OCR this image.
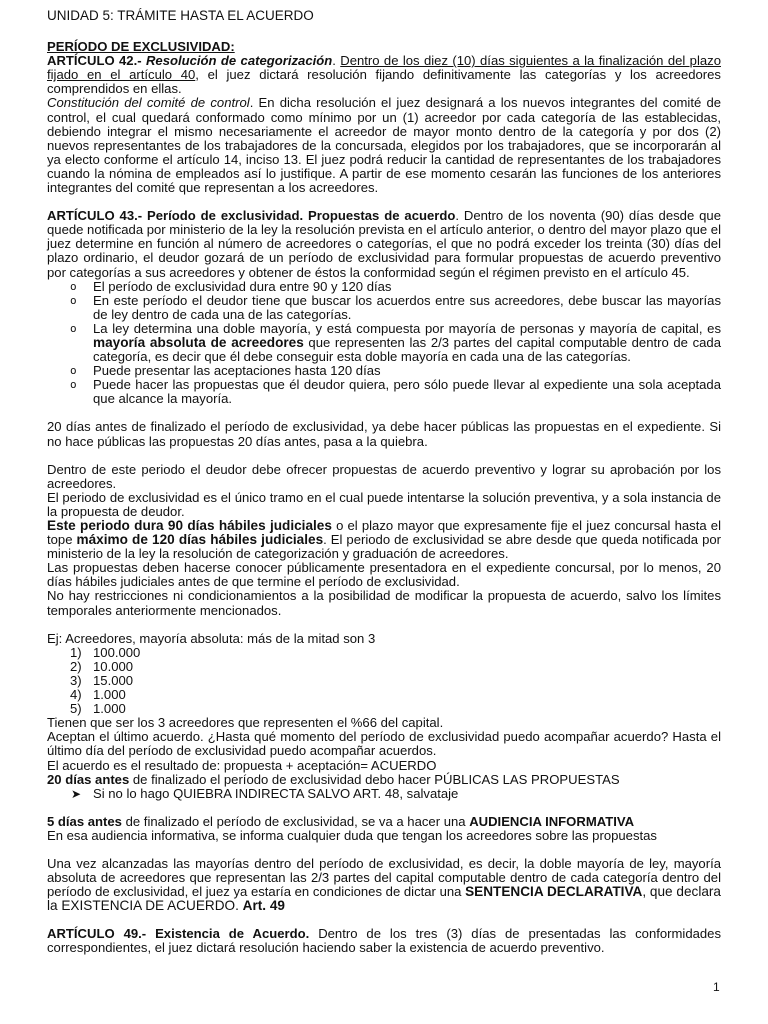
UNIDAD 5: TRÁMITE HASTA EL ACUERDO

PERÍODO DE EXCLUSIVIDAD:

ARTÍCULO 42.- Resolución de categorización. Dentro de los diez (10) días siguientes a la finalización del plazo fijado en el artículo 40, el juez dictará resolución fijando definitivamente las categorías y los acreedores comprendidos en ellas.

Constitución del comité de control. En dicha resolución el juez designará a los nuevos integrantes del comité de control, el cual quedará conformado como mínimo por un (1) acreedor por cada categoría de las establecidas, debiendo integrar el mismo necesariamente el acreedor de mayor monto dentro de la categoría y por dos (2) nuevos representantes de los trabajadores de la concursada, elegidos por los trabajadores, que se incorporarán al ya electo conforme el artículo 14, inciso 13. El juez podrá reducir la cantidad de representantes de los trabajadores cuando la nómina de empleados así lo justifique. A partir de ese momento cesarán las funciones de los anteriores integrantes del comité que representan a los acreedores.

ARTÍCULO 43.- Período de exclusividad. Propuestas de acuerdo. Dentro de los noventa (90) días desde que quede notificada por ministerio de la ley la resolución prevista en el artículo anterior, o dentro del mayor plazo que el juez determine en función al número de acreedores o categorías, el que no podrá exceder los treinta (30) días del plazo ordinario, el deudor gozará de un período de exclusividad para formular propuestas de acuerdo preventivo por categorías a sus acreedores y obtener de éstos la conformidad según el régimen previsto en el artículo 45.

o El período de exclusividad dura entre 90 y 120 días
o En este período el deudor tiene que buscar los acuerdos entre sus acreedores, debe buscar las mayorías de ley dentro de cada una de las categorías.
o La ley determina una doble mayoría, y está compuesta por mayoría de personas y mayoría de capital, es mayoría absoluta de acreedores que representen las 2/3 partes del capital computable dentro de cada categoría, es decir que él debe conseguir esta doble mayoría en cada una de las categorías.
o Puede presentar las aceptaciones hasta 120 días
o Puede hacer las propuestas que él deudor quiera, pero sólo puede llevar al expediente una sola aceptada que alcance la mayoría.

20 días antes de finalizado el período de exclusividad, ya debe hacer públicas las propuestas en el expediente. Si no hace públicas las propuestas 20 días antes, pasa a la quiebra.

Dentro de este periodo el deudor debe ofrecer propuestas de acuerdo preventivo y lograr su aprobación por los acreedores.

El periodo de exclusividad es el único tramo en el cual puede intentarse la solución preventiva, y a sola instancia de la propuesta de deudor.

Este periodo dura 90 días hábiles judiciales o el plazo mayor que expresamente fije el juez concursal hasta el tope máximo de 120 días hábiles judiciales. El periodo de exclusividad se abre desde que queda notificada por ministerio de la ley la resolución de categorización y graduación de acreedores.

Las propuestas deben hacerse conocer públicamente presentadora en el expediente concursal, por lo menos, 20 días hábiles judiciales antes de que termine el período de exclusividad.

No hay restricciones ni condicionamientos a la posibilidad de modificar la propuesta de acuerdo, salvo los límites temporales anteriormente mencionados.

Ej: Acreedores, mayoría absoluta: más de la mitad son 3

1) 100.000
2) 10.000
3) 15.000
4) 1.000
5) 1.000

Tienen que ser los 3 acreedores que representen el %66 del capital.

Aceptan el último acuerdo. ¿Hasta qué momento del período de exclusividad puedo acompañar acuerdo? Hasta el último día del período de exclusividad puedo acompañar acuerdos.

El acuerdo es el resultado de: propuesta + aceptación= ACUERDO

20 días antes de finalizado el período de exclusividad debo hacer PÚBLICAS LAS PROPUESTAS

➤ Si no lo hago QUIEBRA INDIRECTA SALVO ART. 48, salvataje

5 días antes de finalizado el período de exclusividad, se va a hacer una AUDIENCIA INFORMATIVA

En esa audiencia informativa, se informa cualquier duda que tengan los acreedores sobre las propuestas

Una vez alcanzadas las mayorías dentro del período de exclusividad, es decir, la doble mayoría de ley, mayoría absoluta de acreedores que representan las 2/3 partes del capital computable dentro de cada categoría dentro del período de exclusividad, el juez ya estaría en condiciones de dictar una SENTENCIA DECLARATIVA, que declara la EXISTENCIA DE ACUERDO. Art. 49

ARTÍCULO 49.- Existencia de Acuerdo. Dentro de los tres (3) días de presentadas las conformidades correspondientes, el juez dictará resolución haciendo saber la existencia de acuerdo preventivo.

1
